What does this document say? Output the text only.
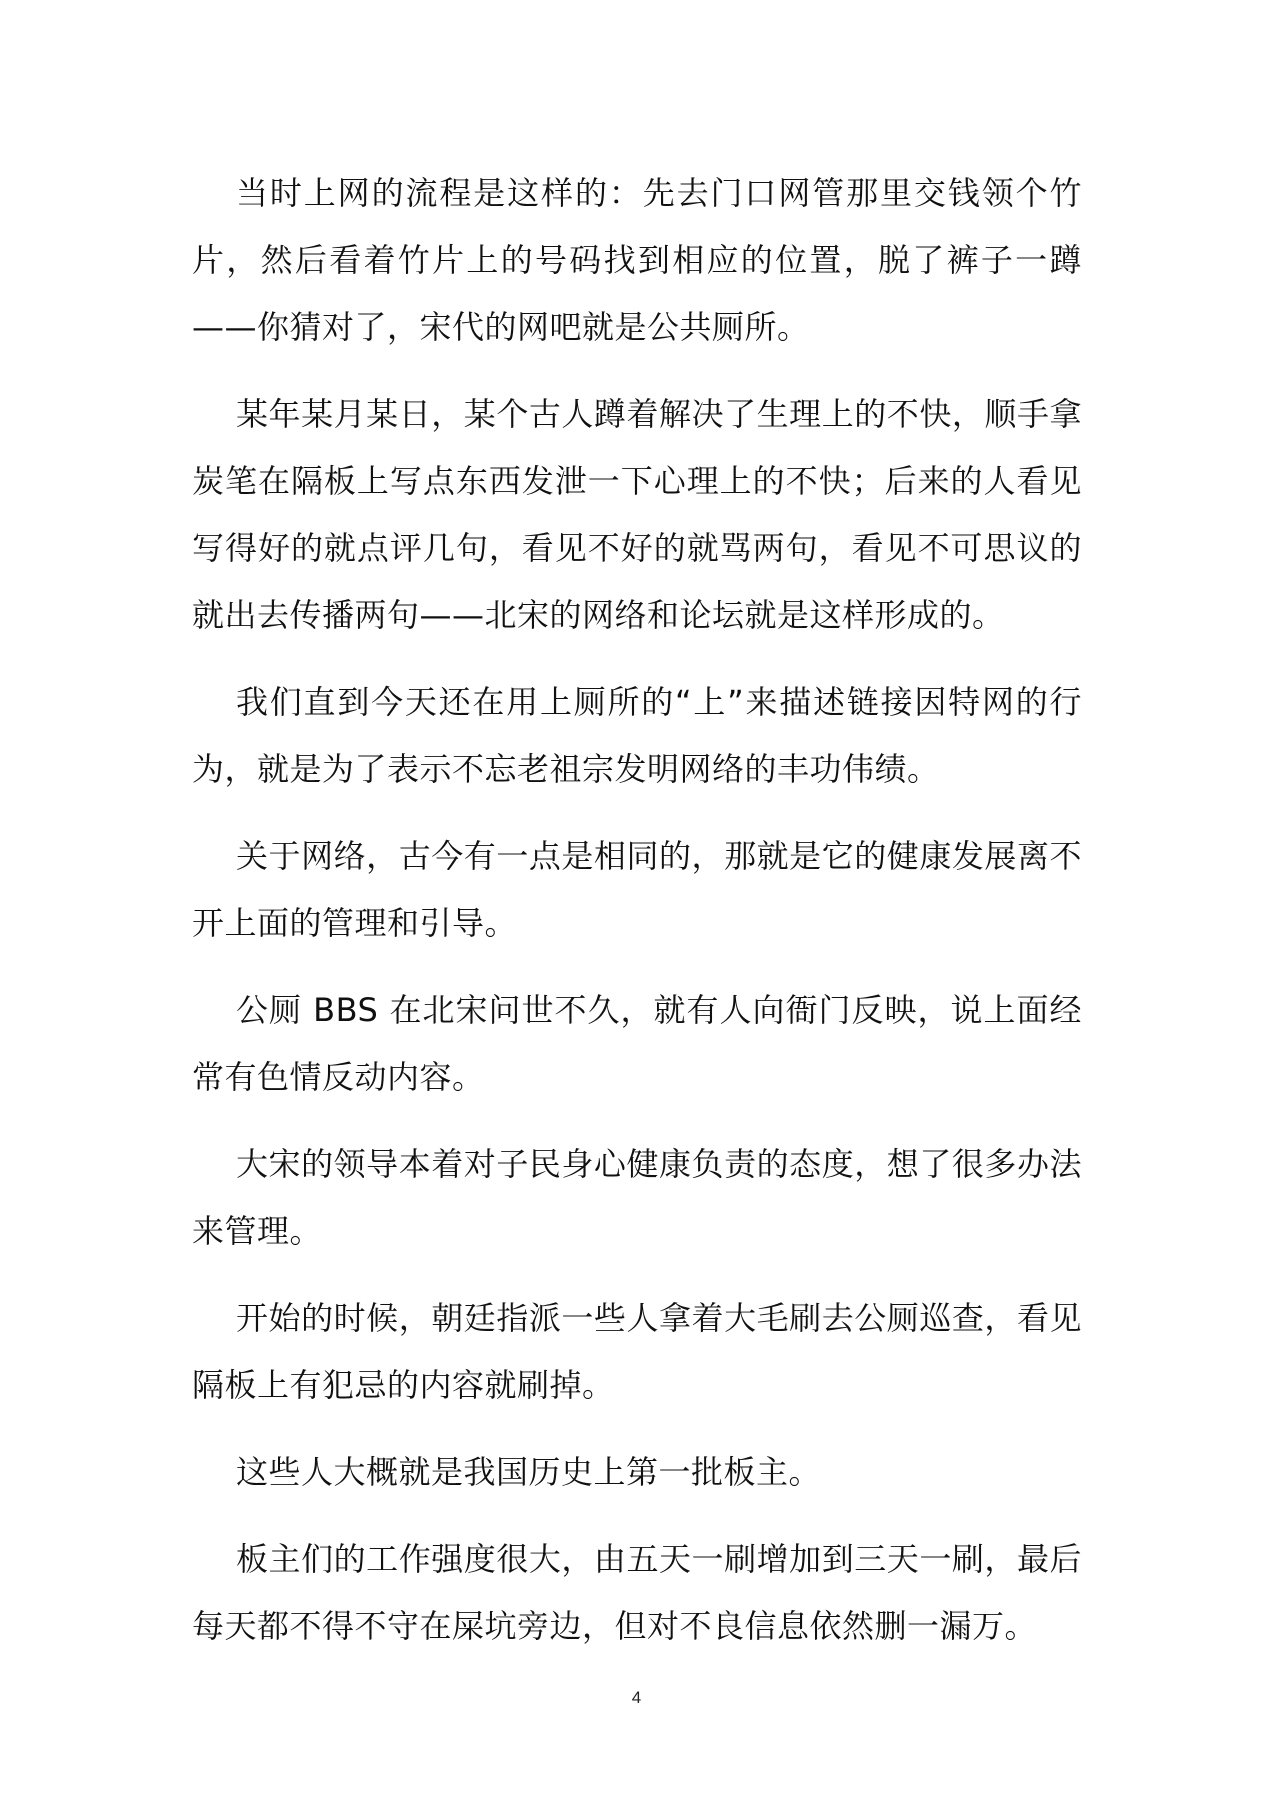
当时上网的流程是这样的：先去门口网管那里交钱领个竹片，然后看着竹片上的号码找到相应的位置，脱了裤子一蹲——你猜对了，宋代的网吧就是公共厕所。

某年某月某日，某个古人蹲着解决了生理上的不快，顺手拿炭笔在隔板上写点东西发泄一下心理上的不快；后来的人看见写得好的就点评几句，看见不好的就骂两句，看见不可思议的就出去传播两句——北宋的网络和论坛就是这样形成的。

我们直到今天还在用上厕所的“上”来描述链接因特网的行为，就是为了表示不忘老祖宗发明网络的丰功伟绩。

关于网络，古今有一点是相同的，那就是它的健康发展离不开上面的管理和引导。

公厕 BBS 在北宋问世不久，就有人向衙门反映，说上面经常有色情反动内容。

大宋的领导本着对子民身心健康负责的态度，想了很多办法来管理。

开始的时候，朝廷指派一些人拿着大毛刷去公厕巡查，看见隔板上有犯忌的内容就刷掉。

这些人大概就是我国历史上第一批板主。

板主们的工作强度很大，由五天一刷增加到三天一刷，最后每天都不得不守在屎坑旁边，但对不良信息依然删一漏万。

4
